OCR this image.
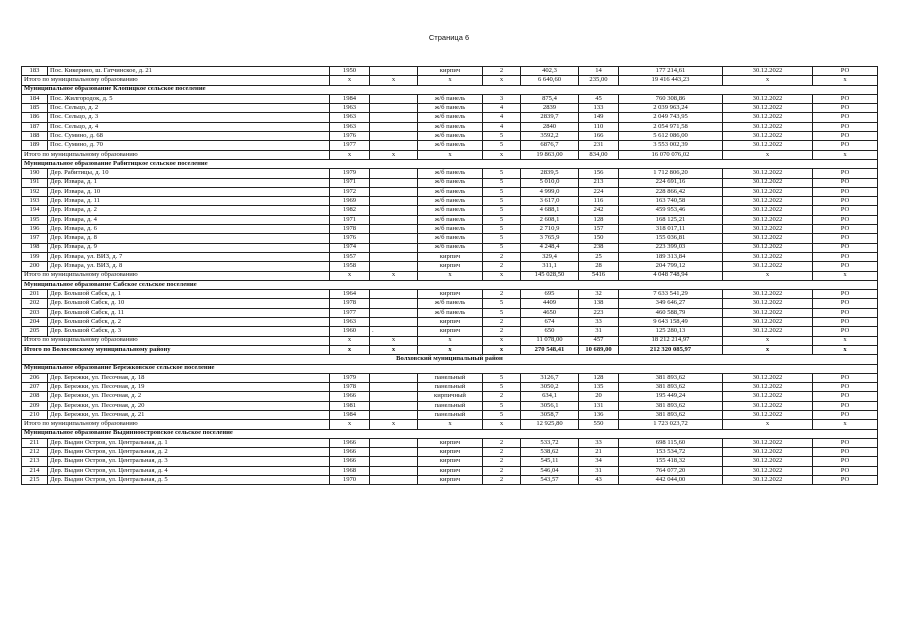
Страница 6
183	Пос. Кикерино, ш. Гатчинское, д. 21	1950		кирпич	2	402,3	14	177 214,61	30.12.2022	РО
Итого по муниципальному образованию		х	х	х	х	6 640,60	235,00	19 416 443,23	х	х
Муниципальное образование Клопицкое сельское поселение										
184	Пос. Жилгородок, д. 5	1984		ж/б панель	3	875,4	45	760 308,86	30.12.2022	РО
185	Пос. Сельцо, д. 2	1963		ж/б панель	4	2839	133	2 039 963,24	30.12.2022	РО
186	Пос. Сельцо, д. 3	1963		ж/б панель	4	2839,7	149	2 049 743,95	30.12.2022	РО
187	Пос. Сельцо, д. 4	1963		ж/б панель	4	2840	110	2 054 971,58	30.12.2022	РО
188	Пос. Сумино, д. 68	1976		ж/б панель	5	3592,2	166	5 612 086,00	30.12.2022	РО
189	Пос. Сумино, д. 70	1977		ж/б панель	5	6876,7	231	3 553 002,39	30.12.2022	РО
Итого по муниципальному образованию		х	х	х	х	19 863,00	834,00	16 070 076,02	х	х
Муниципальное образование Рабитицкое сельское поселение										
190	Дер. Рабитицы, д. 10	1979		ж/б панель	5	2839,5	156	1 712 806,20	30.12.2022	РО
191	Дер. Извара, д. 1	1971		ж/б панель	5	5 010,0	213	224 691,16	30.12.2022	РО
192	Дер. Извара, д. 10	1972		ж/б панель	5	4 999,0	224	228 866,42	30.12.2022	РО
193	Дер. Извара, д. 11	1969		ж/б панель	5	3 617,0	116	163 740,58	30.12.2022	РО
194	Дер. Извара, д. 2	1982		ж/б панель	5	4 688,1	242	459 953,46	30.12.2022	РО
195	Дер. Извара, д. 4	1971		ж/б панель	5	2 608,1	128	168 125,21	30.12.2022	РО
196	Дер. Извара, д. 6	1978		ж/б панель	5	2 710,9	157	318 017,11	30.12.2022	РО
197	Дер. Извара, д. 8	1976		ж/б панель	5	3 765,9	150	155 036,81	30.12.2022	РО
198	Дер. Извара, д. 9	1974		ж/б панель	5	4 248,4	238	223 399,03	30.12.2022	РО
199	Дер. Извара, ул. ВИЗ, д. 7	1957		кирпич	2	329,4	25	189 313,84	30.12.2022	РО
200	Дер. Извара, ул. ВИЗ, д. 8	1958		кирпич	2	311,1	28	204 799,12	30.12.2022	РО
Итого по муниципальному образованию		х	х	х	х	145 028,50	5416	4 048 748,94	х	х
Муниципальное образование Сабское сельское поселение										
201	Дер. Большой Сабск, д. 1	1964		кирпич	2	695	32	7 633 541,29	30.12.2022	РО
202	Дер. Большой Сабск, д. 10	1978		ж/б панель	5	4409	138	349 646,27	30.12.2022	РО
203	Дер. Большой Сабск, д. 11	1977		ж/б панель	5	4650	223	460 588,79	30.12.2022	РО
204	Дер. Большой Сабск, д. 2	1963		кирпич	2	674	33	9 643 158,49	30.12.2022	РО
205	Дер. Большой Сабск, д. 3	1960	.	кирпич	2	650	31	125 280,13	30.12.2022	РО
Итого по муниципальному образованию		х	х	х	х	11 078,00	457	18 212 214,97	х	х
Итого по Волосовскому муниципальному району		х	х	х	х	270 548,41	10 689,00	212 320 085,97	х	х
Волховский муниципальный район										
Муниципальное образование Бережковское сельское поселение										
206	Дер. Бережки, ул. Песочная, д. 18	1979		панельный	5	3126,7	128	381 893,62	30.12.2022	РО
207	Дер. Бережки, ул. Песочная, д. 19	1978		панельный	5	3050,2	135	381 893,62	30.12.2022	РО
208	Дер. Бережки, ул. Песочная, д. 2	1966		кирпичный	2	634,1	20	195 449,24	30.12.2022	РО
209	Дер. Бережки, ул. Песочная, д. 20	1981		панельный	5	3056,1	131	381 893,62	30.12.2022	РО
210	Дер. Бережки, ул. Песочная, д. 21	1984		панельный	5	3058,7	136	381 893,62	30.12.2022	РО
Итого по муниципальному образованию		х	х	х	х	12 925,80	550	1 723 023,72	х	х
Муниципальное образование Выдинноостровское сельское поселение										
211	Дер. Выдин Остров, ул. Центральная, д. 1	1966		кирпич	2	533,72	33	698 115,60	30.12.2022	РО
212	Дер. Выдин Остров, ул. Центральная, д. 2	1966		кирпич	2	538,62	21	153 534,72	30.12.2022	РО
213	Дер. Выдин Остров, ул. Центральная, д. 3	1966		кирпич	2	545,11	34	155 418,32	30.12.2022	РО
214	Дер. Выдин Остров, ул. Центральная, д. 4	1968		кирпич	2	546,04	31	764 077,20	30.12.2022	РО
215	Дер. Выдин Остров, ул. Центральная, д. 5	1970		кирпич	2	543,57	43	442 044,00	30.12.2022	РО
